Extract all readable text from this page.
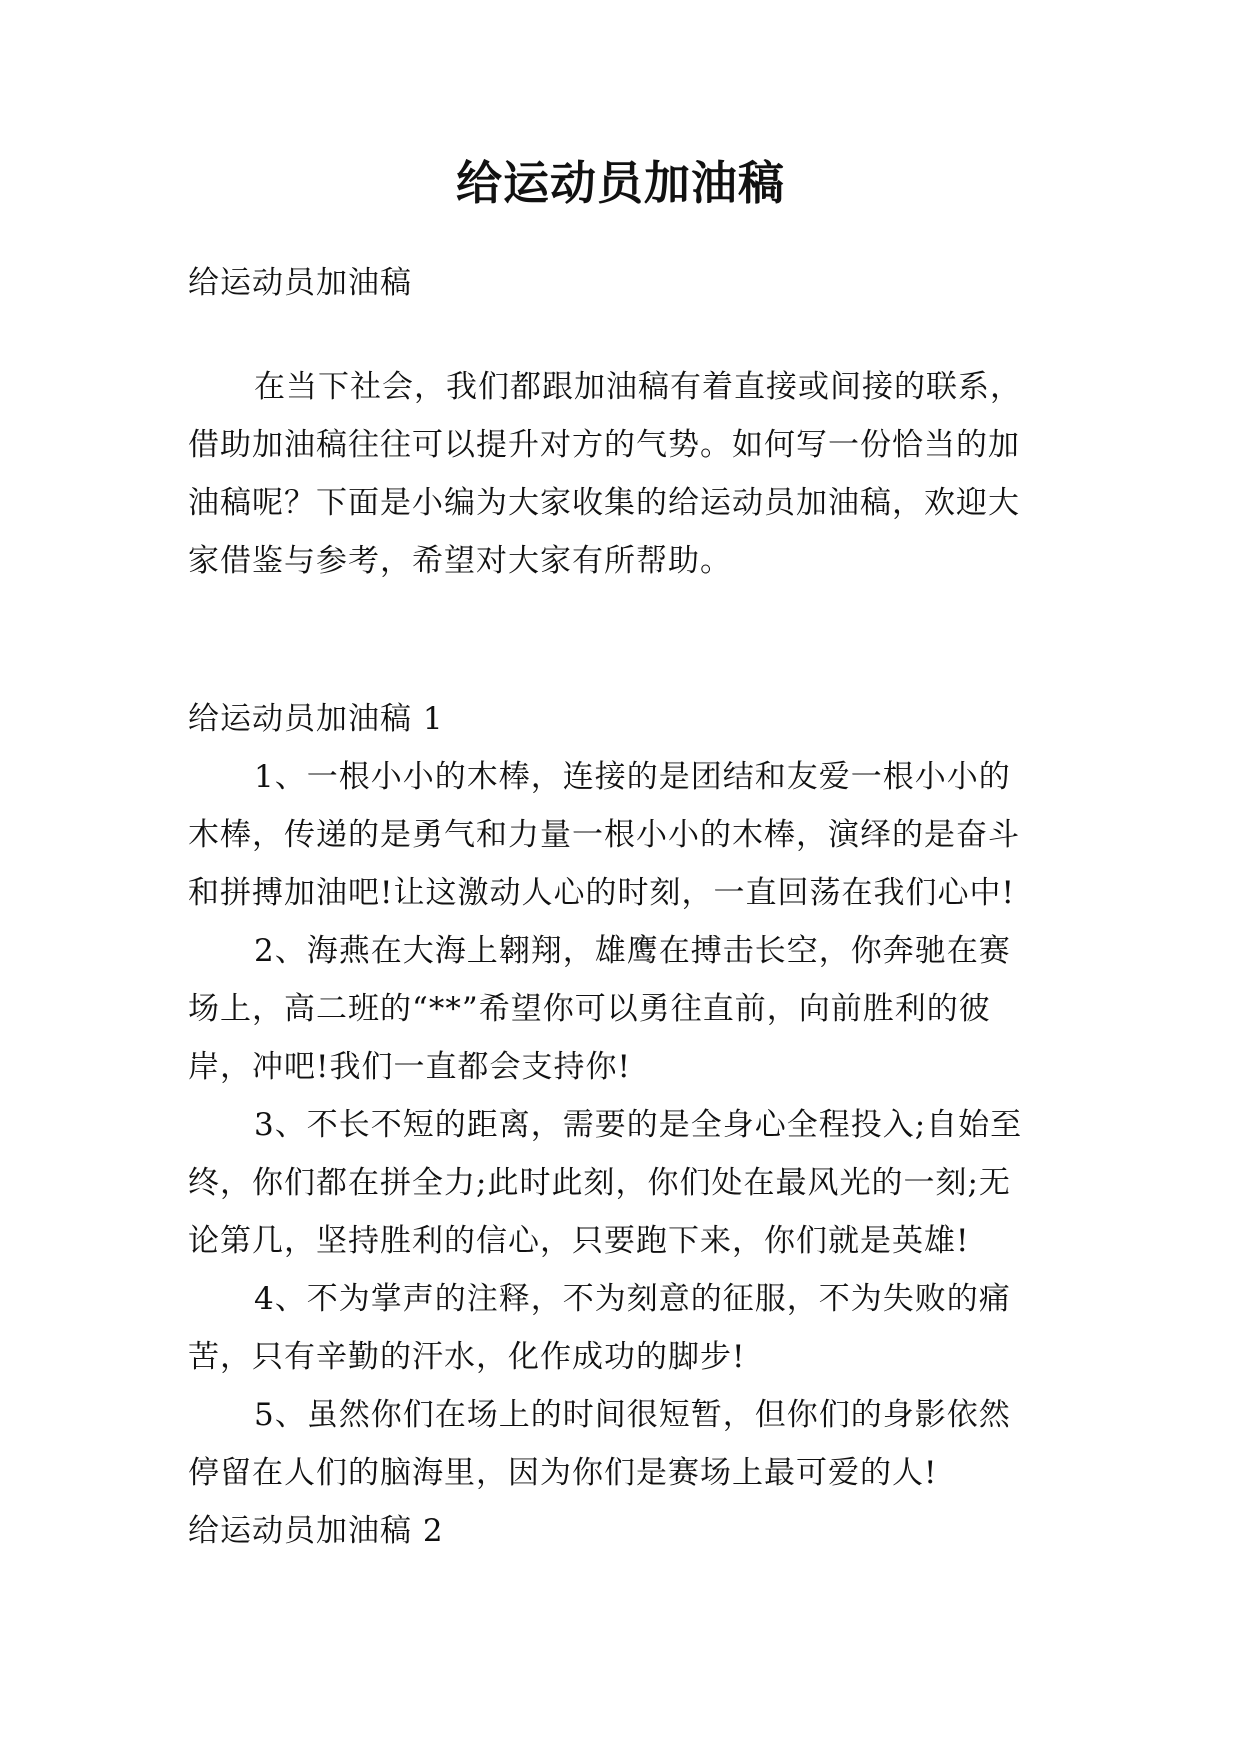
给运动员加油稿
给运动员加油稿
在当下社会，我们都跟加油稿有着直接或间接的联系，
借助加油稿往往可以提升对方的气势。如何写一份恰当的加
油稿呢？下面是小编为大家收集的给运动员加油稿，欢迎大
家借鉴与参考，希望对大家有所帮助。
给运动员加油稿 1
1、一根小小的木棒，连接的是团结和友爱一根小小的
木棒，传递的是勇气和力量一根小小的木棒，演绎的是奋斗
和拼搏加油吧!让这激动人心的时刻，一直回荡在我们心中!
2、海燕在大海上翱翔，雄鹰在搏击长空，你奔驰在赛
场上，高二班的“**”希望你可以勇往直前，向前胜利的彼
岸，冲吧!我们一直都会支持你!
3、不长不短的距离，需要的是全身心全程投入;自始至
终，你们都在拼全力;此时此刻，你们处在最风光的一刻;无
论第几，坚持胜利的信心，只要跑下来，你们就是英雄!
4、不为掌声的注释，不为刻意的征服，不为失败的痛
苦，只有辛勤的汗水，化作成功的脚步!
5、虽然你们在场上的时间很短暂，但你们的身影依然
停留在人们的脑海里，因为你们是赛场上最可爱的人!
给运动员加油稿 2
